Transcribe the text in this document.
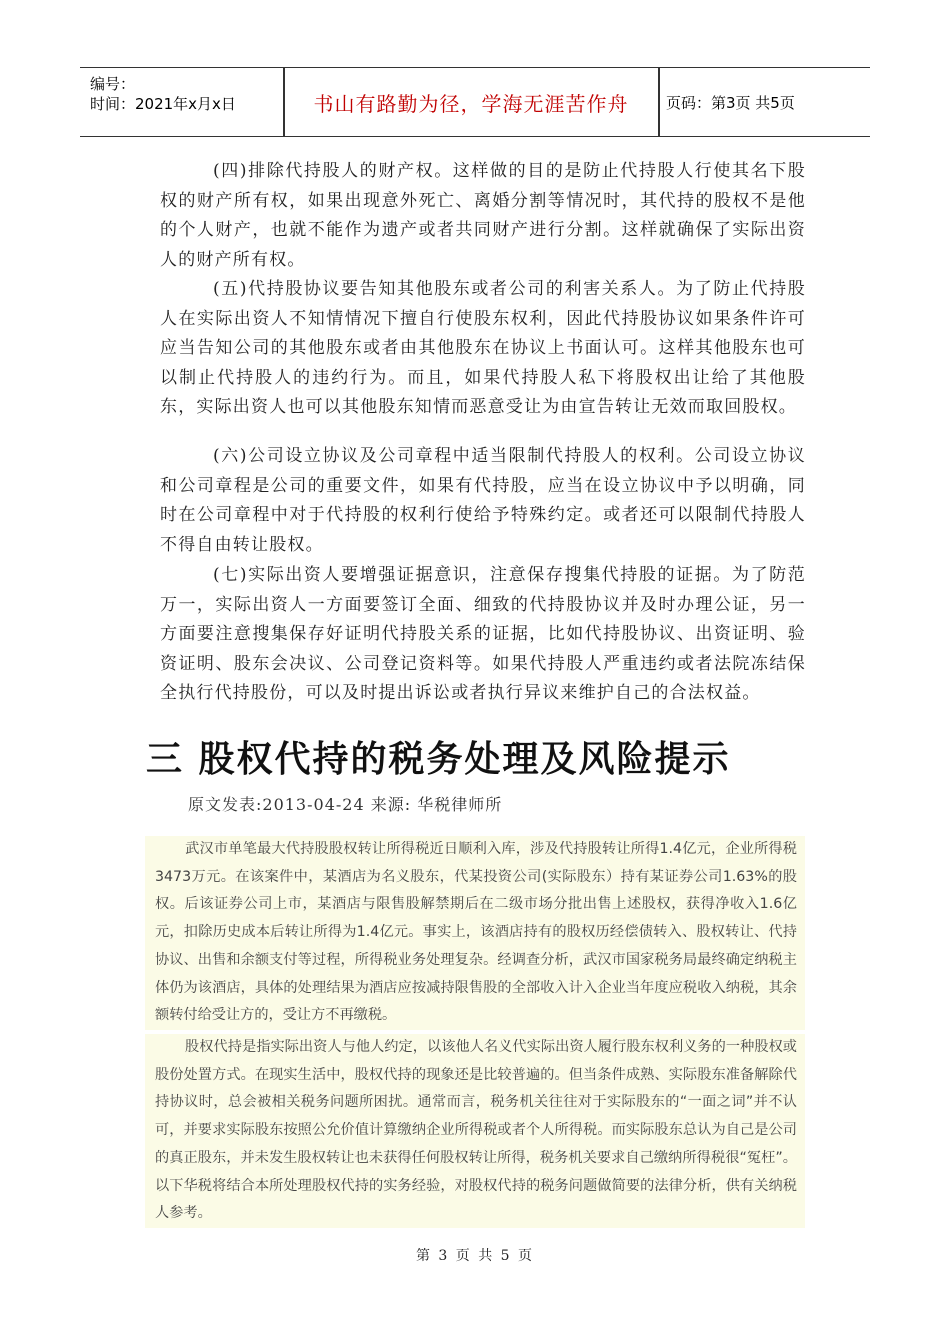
编号：
时间：2021年x月x日	书山有路勤为径，学海无涯苦作舟	页码：第3页 共5页

(四)排除代持股人的财产权。这样做的目的是防止代持股人行使其名下股权的财产所有权，如果出现意外死亡、离婚分割等情况时，其代持的股权不是他的个人财产，也就不能作为遗产或者共同财产进行分割。这样就确保了实际出资人的财产所有权。

(五)代持股协议要告知其他股东或者公司的利害关系人。为了防止代持股人在实际出资人不知情情况下擅自行使股东权利，因此代持股协议如果条件许可应当告知公司的其他股东或者由其他股东在协议上书面认可。这样其他股东也可以制止代持股人的违约行为。而且，如果代持股人私下将股权出让给了其他股东，实际出资人也可以其他股东知情而恶意受让为由宣告转让无效而取回股权。

(六)公司设立协议及公司章程中适当限制代持股人的权利。公司设立协议和公司章程是公司的重要文件，如果有代持股，应当在设立协议中予以明确，同时在公司章程中对于代持股的权利行使给予特殊约定。或者还可以限制代持股人不得自由转让股权。

(七)实际出资人要增强证据意识，注意保存搜集代持股的证据。为了防范万一，实际出资人一方面要签订全面、细致的代持股协议并及时办理公证，另一方面要注意搜集保存好证明代持股关系的证据，比如代持股协议、出资证明、验资证明、股东会决议、公司登记资料等。如果代持股人严重违约或者法院冻结保全执行代持股份，可以及时提出诉讼或者执行异议来维护自己的合法权益。

三 股权代持的税务处理及风险提示
原文发表:2013-04-24 来源: 华税律师所

武汉市单笔最大代持股股权转让所得税近日顺利入库，涉及代持股转让所得1.4亿元，企业所得税3473万元。在该案件中，某酒店为名义股东，代某投资公司(实际股东）持有某证券公司1.63%的股权。后该证券公司上市，某酒店与限售股解禁期后在二级市场分批出售上述股权，获得净收入1.6亿元，扣除历史成本后转让所得为1.4亿元。事实上，该酒店持有的股权历经偿债转入、股权转让、代持协议、出售和余额支付等过程，所得税业务处理复杂。经调查分析，武汉市国家税务局最终确定纳税主体仍为该酒店，具体的处理结果为酒店应按减持限售股的全部收入计入企业当年度应税收入纳税，其余额转付给受让方的，受让方不再缴税。

股权代持是指实际出资人与他人约定，以该他人名义代实际出资人履行股东权利义务的一种股权或股份处置方式。在现实生活中，股权代持的现象还是比较普遍的。但当条件成熟、实际股东准备解除代持协议时，总会被相关税务问题所困扰。通常而言，税务机关往往对于实际股东的“一面之词”并不认可，并要求实际股东按照公允价值计算缴纳企业所得税或者个人所得税。而实际股东总认为自己是公司的真正股东，并未发生股权转让也未获得任何股权转让所得，税务机关要求自己缴纳所得税很“冤枉”。以下华税将结合本所处理股权代持的实务经验，对股权代持的税务问题做简要的法律分析，供有关纳税人参考。

第 3 页 共 5 页
